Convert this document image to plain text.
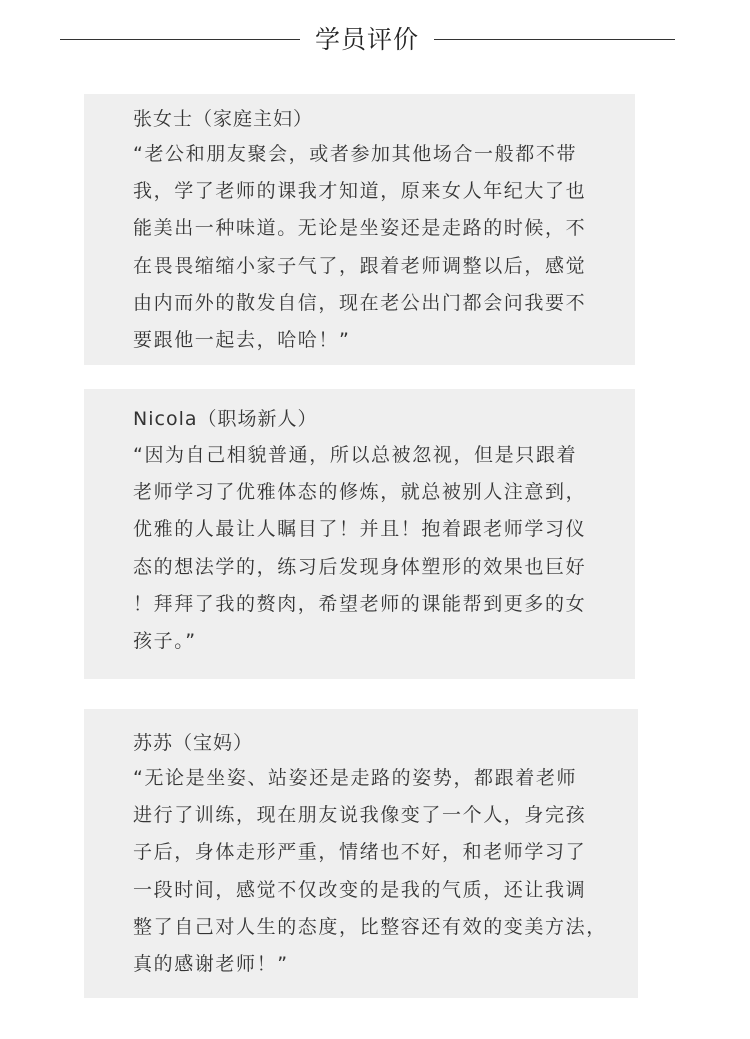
学员评价
张女士（家庭主妇）
“老公和朋友聚会，或者参加其他场合一般都不带
我，学了老师的课我才知道，原来女人年纪大了也
能美出一种味道。无论是坐姿还是走路的时候，不
在畏畏缩缩小家子气了，跟着老师调整以后，感觉
由内而外的散发自信，现在老公出门都会问我要不
要跟他一起去，哈哈！”
Nicola（职场新人）
“因为自己相貌普通，所以总被忽视，但是只跟着
老师学习了优雅体态的修炼，就总被别人注意到，
优雅的人最让人瞩目了！并且！抱着跟老师学习仪
态的想法学的，练习后发现身体塑形的效果也巨好
！拜拜了我的赘肉，希望老师的课能帮到更多的女
孩子。”
苏苏（宝妈）
“无论是坐姿、站姿还是走路的姿势，都跟着老师
进行了训练，现在朋友说我像变了一个人，身完孩
子后，身体走形严重，情绪也不好，和老师学习了
一段时间，感觉不仅改变的是我的气质，还让我调
整了自己对人生的态度，比整容还有效的变美方法，
真的感谢老师！”
